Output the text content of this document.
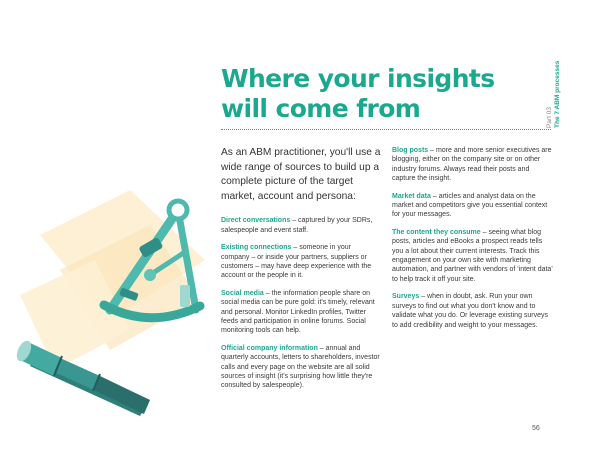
Where your insights
will come from	Part 03 The 7 ABM processes

As an ABM practitioner, you'll use a wide range of sources to build up a complete picture of the target market, account and persona:

Direct conversations – captured by your SDRs, salespeople and event staff.

Existing connections – someone in your company – or inside your partners, suppliers or customers – may have deep experience with the account or the people in it.

Social media – the information people share on social media can be pure gold: it's timely, relevant and personal. Monitor LinkedIn profiles, Twitter feeds and participation in online forums. Social monitoring tools can help.

Official company information – annual and quarterly accounts, letters to shareholders, investor calls and every page on the website are all solid sources of insight (it's surprising how little they're consulted by salespeople).

Blog posts – more and more senior executives are blogging, either on the company site or on other industry forums. Always read their posts and capture the insight.

Market data – articles and analyst data on the market and competitors give you essential context for your messages.

The content they consume – seeing what blog posts, articles and eBooks a prospect reads tells you a lot about their current interests. Track this engagement on your own site with marketing automation, and partner with vendors of 'intent data' to help track it off your site.

Surveys – when in doubt, ask. Run your own surveys to find out what you don't know and to validate what you do. Or leverage existing surveys to add credibility and weight to your messages.

56
